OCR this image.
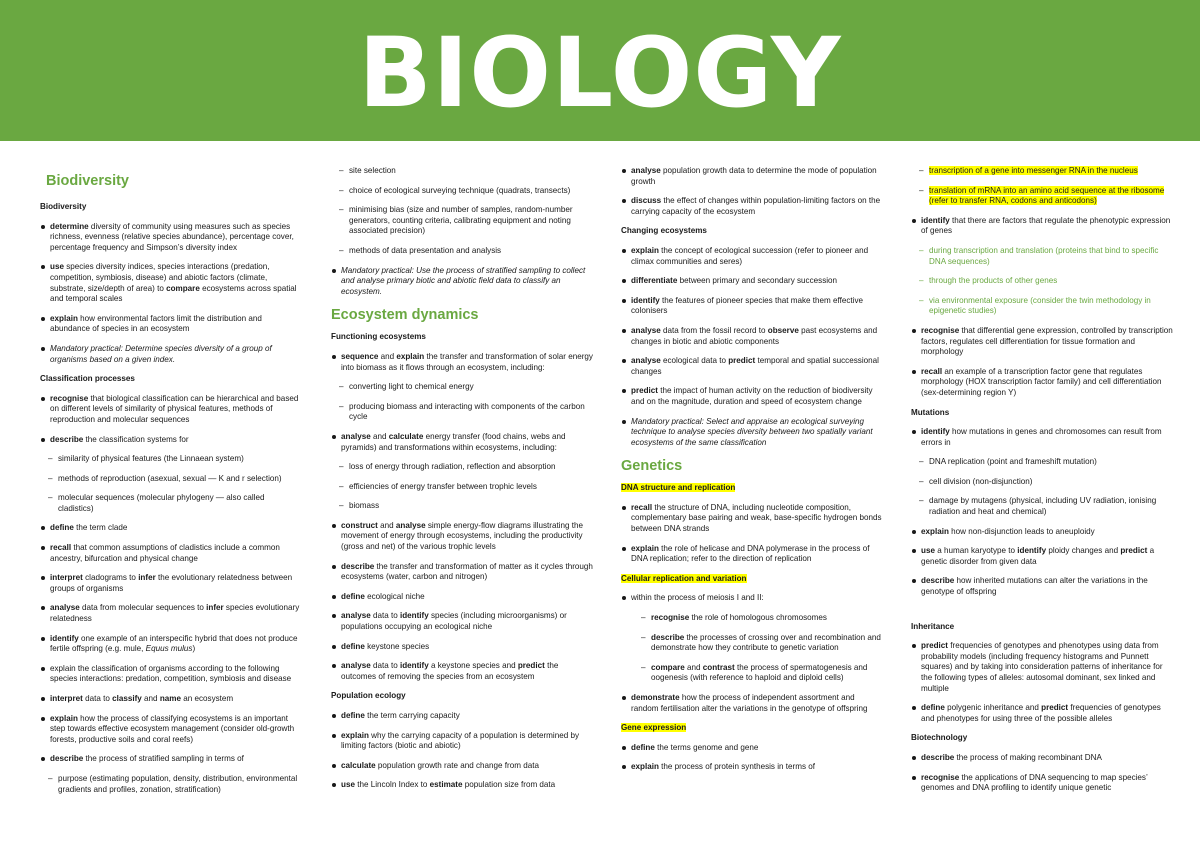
BIOLOGY

Biodiversity

Biodiversity

determine diversity of community using measures such as species richness, evenness (relative species abundance), percentage cover, percentage frequency and Simpson’s diversity index

use species diversity indices, species interactions (predation, competition, symbiosis, disease) and abiotic factors (climate, substrate, size/depth of area) to compare ecosystems across spatial and temporal scales

explain how environmental factors limit the distribution and abundance of species in an ecosystem

Mandatory practical: Determine species diversity of a group of organisms based on a given index.

Classification processes

recognise that biological classification can be hierarchical and based on different levels of similarity of physical features, methods of reproduction and molecular sequences

describe the classification systems for

– similarity of physical features (the Linnaean system)

– methods of reproduction (asexual, sexual — K and r selection)

– molecular sequences (molecular phylogeny — also called cladistics)

define the term clade

recall that common assumptions of cladistics include a common ancestry, bifurcation and physical change

interpret cladograms to infer the evolutionary relatedness between groups of organisms

analyse data from molecular sequences to infer species evolutionary relatedness

identify one example of an interspecific hybrid that does not produce fertile offspring (e.g. mule, Equus mulus)

explain the classification of organisms according to the following species interactions: predation, competition, symbiosis and disease

interpret data to classify and name an ecosystem

explain how the process of classifying ecosystems is an important step towards effective ecosystem management (consider old-growth forests, productive soils and coral reefs)

describe the process of stratified sampling in terms of

– purpose (estimating population, density, distribution, environmental gradients and profiles, zonation, stratification)

– site selection

– choice of ecological surveying technique (quadrats, transects)

– minimising bias (size and number of samples, random-number generators, counting criteria, calibrating equipment and noting associated precision)

– methods of data presentation and analysis

Mandatory practical: Use the process of stratified sampling to collect and analyse primary biotic and abiotic field data to classify an ecosystem.

Ecosystem dynamics

Functioning ecosystems

sequence and explain the transfer and transformation of solar energy into biomass as it flows through an ecosystem, including:

– converting light to chemical energy

– producing biomass and interacting with components of the carbon cycle

analyse and calculate energy transfer (food chains, webs and pyramids) and transformations within ecosystems, including:

– loss of energy through radiation, reflection and absorption

– efficiencies of energy transfer between trophic levels

– biomass

construct and analyse simple energy-flow diagrams illustrating the movement of energy through ecosystems, including the productivity (gross and net) of the various trophic levels

describe the transfer and transformation of matter as it cycles through ecosystems (water, carbon and nitrogen)

define ecological niche

analyse data to identify species (including microorganisms) or populations occupying an ecological niche

define keystone species

analyse data to identify a keystone species and predict the outcomes of removing the species from an ecosystem

Population ecology

define the term carrying capacity

explain why the carrying capacity of a population is determined by limiting factors (biotic and abiotic)

calculate population growth rate and change from data

use the Lincoln Index to estimate population size from data

analyse population growth data to determine the mode of population growth

discuss the effect of changes within population-limiting factors on the carrying capacity of the ecosystem

Changing ecosystems

explain the concept of ecological succession (refer to pioneer and climax communities and seres)

differentiate between primary and secondary succession

identify the features of pioneer species that make them effective colonisers

analyse data from the fossil record to observe past ecosystems and changes in biotic and abiotic components

analyse ecological data to predict temporal and spatial successional changes

predict the impact of human activity on the reduction of biodiversity and on the magnitude, duration and speed of ecosystem change

Mandatory practical: Select and appraise an ecological surveying technique to analyse species diversity between two spatially variant ecosystems of the same classification

Genetics

DNA structure and replication

recall the structure of DNA, including nucleotide composition, complementary base pairing and weak, base-specific hydrogen bonds between DNA strands

explain the role of helicase and DNA polymerase in the process of DNA replication; refer to the direction of replication

Cellular replication and variation

within the process of meiosis I and II:

– recognise the role of homologous chromosomes

– describe the processes of crossing over and recombination and demonstrate how they contribute to genetic variation

– compare and contrast the process of spermatogenesis and oogenesis (with reference to haploid and diploid cells)

demonstrate how the process of independent assortment and random fertilisation alter the variations in the genotype of offspring

Gene expression

define the terms genome and gene

explain the process of protein synthesis in terms of

– transcription of a gene into messenger RNA in the nucleus

– translation of mRNA into an amino acid sequence at the ribosome (refer to transfer RNA, codons and anticodons)

identify that there are factors that regulate the phenotypic expression of genes

– during transcription and translation (proteins that bind to specific DNA sequences)

– through the products of other genes

– via environmental exposure (consider the twin methodology in epigenetic studies)

recognise that differential gene expression, controlled by transcription factors, regulates cell differentiation for tissue formation and morphology

recall an example of a transcription factor gene that regulates morphology (HOX transcription factor family) and cell differentiation (sex-determining region Y)

Mutations

identify how mutations in genes and chromosomes can result from errors in

– DNA replication (point and frameshift mutation)

– cell division (non-disjunction)

– damage by mutagens (physical, including UV radiation, ionising radiation and heat and chemical)

explain how non-disjunction leads to aneuploidy

use a human karyotype to identify ploidy changes and predict a genetic disorder from given data

describe how inherited mutations can alter the variations in the genotype of offspring

Inheritance

predict frequencies of genotypes and phenotypes using data from probability models (including frequency histograms and Punnett squares) and by taking into consideration patterns of inheritance for the following types of alleles: autosomal dominant, sex linked and multiple

define polygenic inheritance and predict frequencies of genotypes and phenotypes for using three of the possible alleles

Biotechnology

describe the process of making recombinant DNA

recognise the applications of DNA sequencing to map species’ genomes and DNA profiling to identify unique genetic
